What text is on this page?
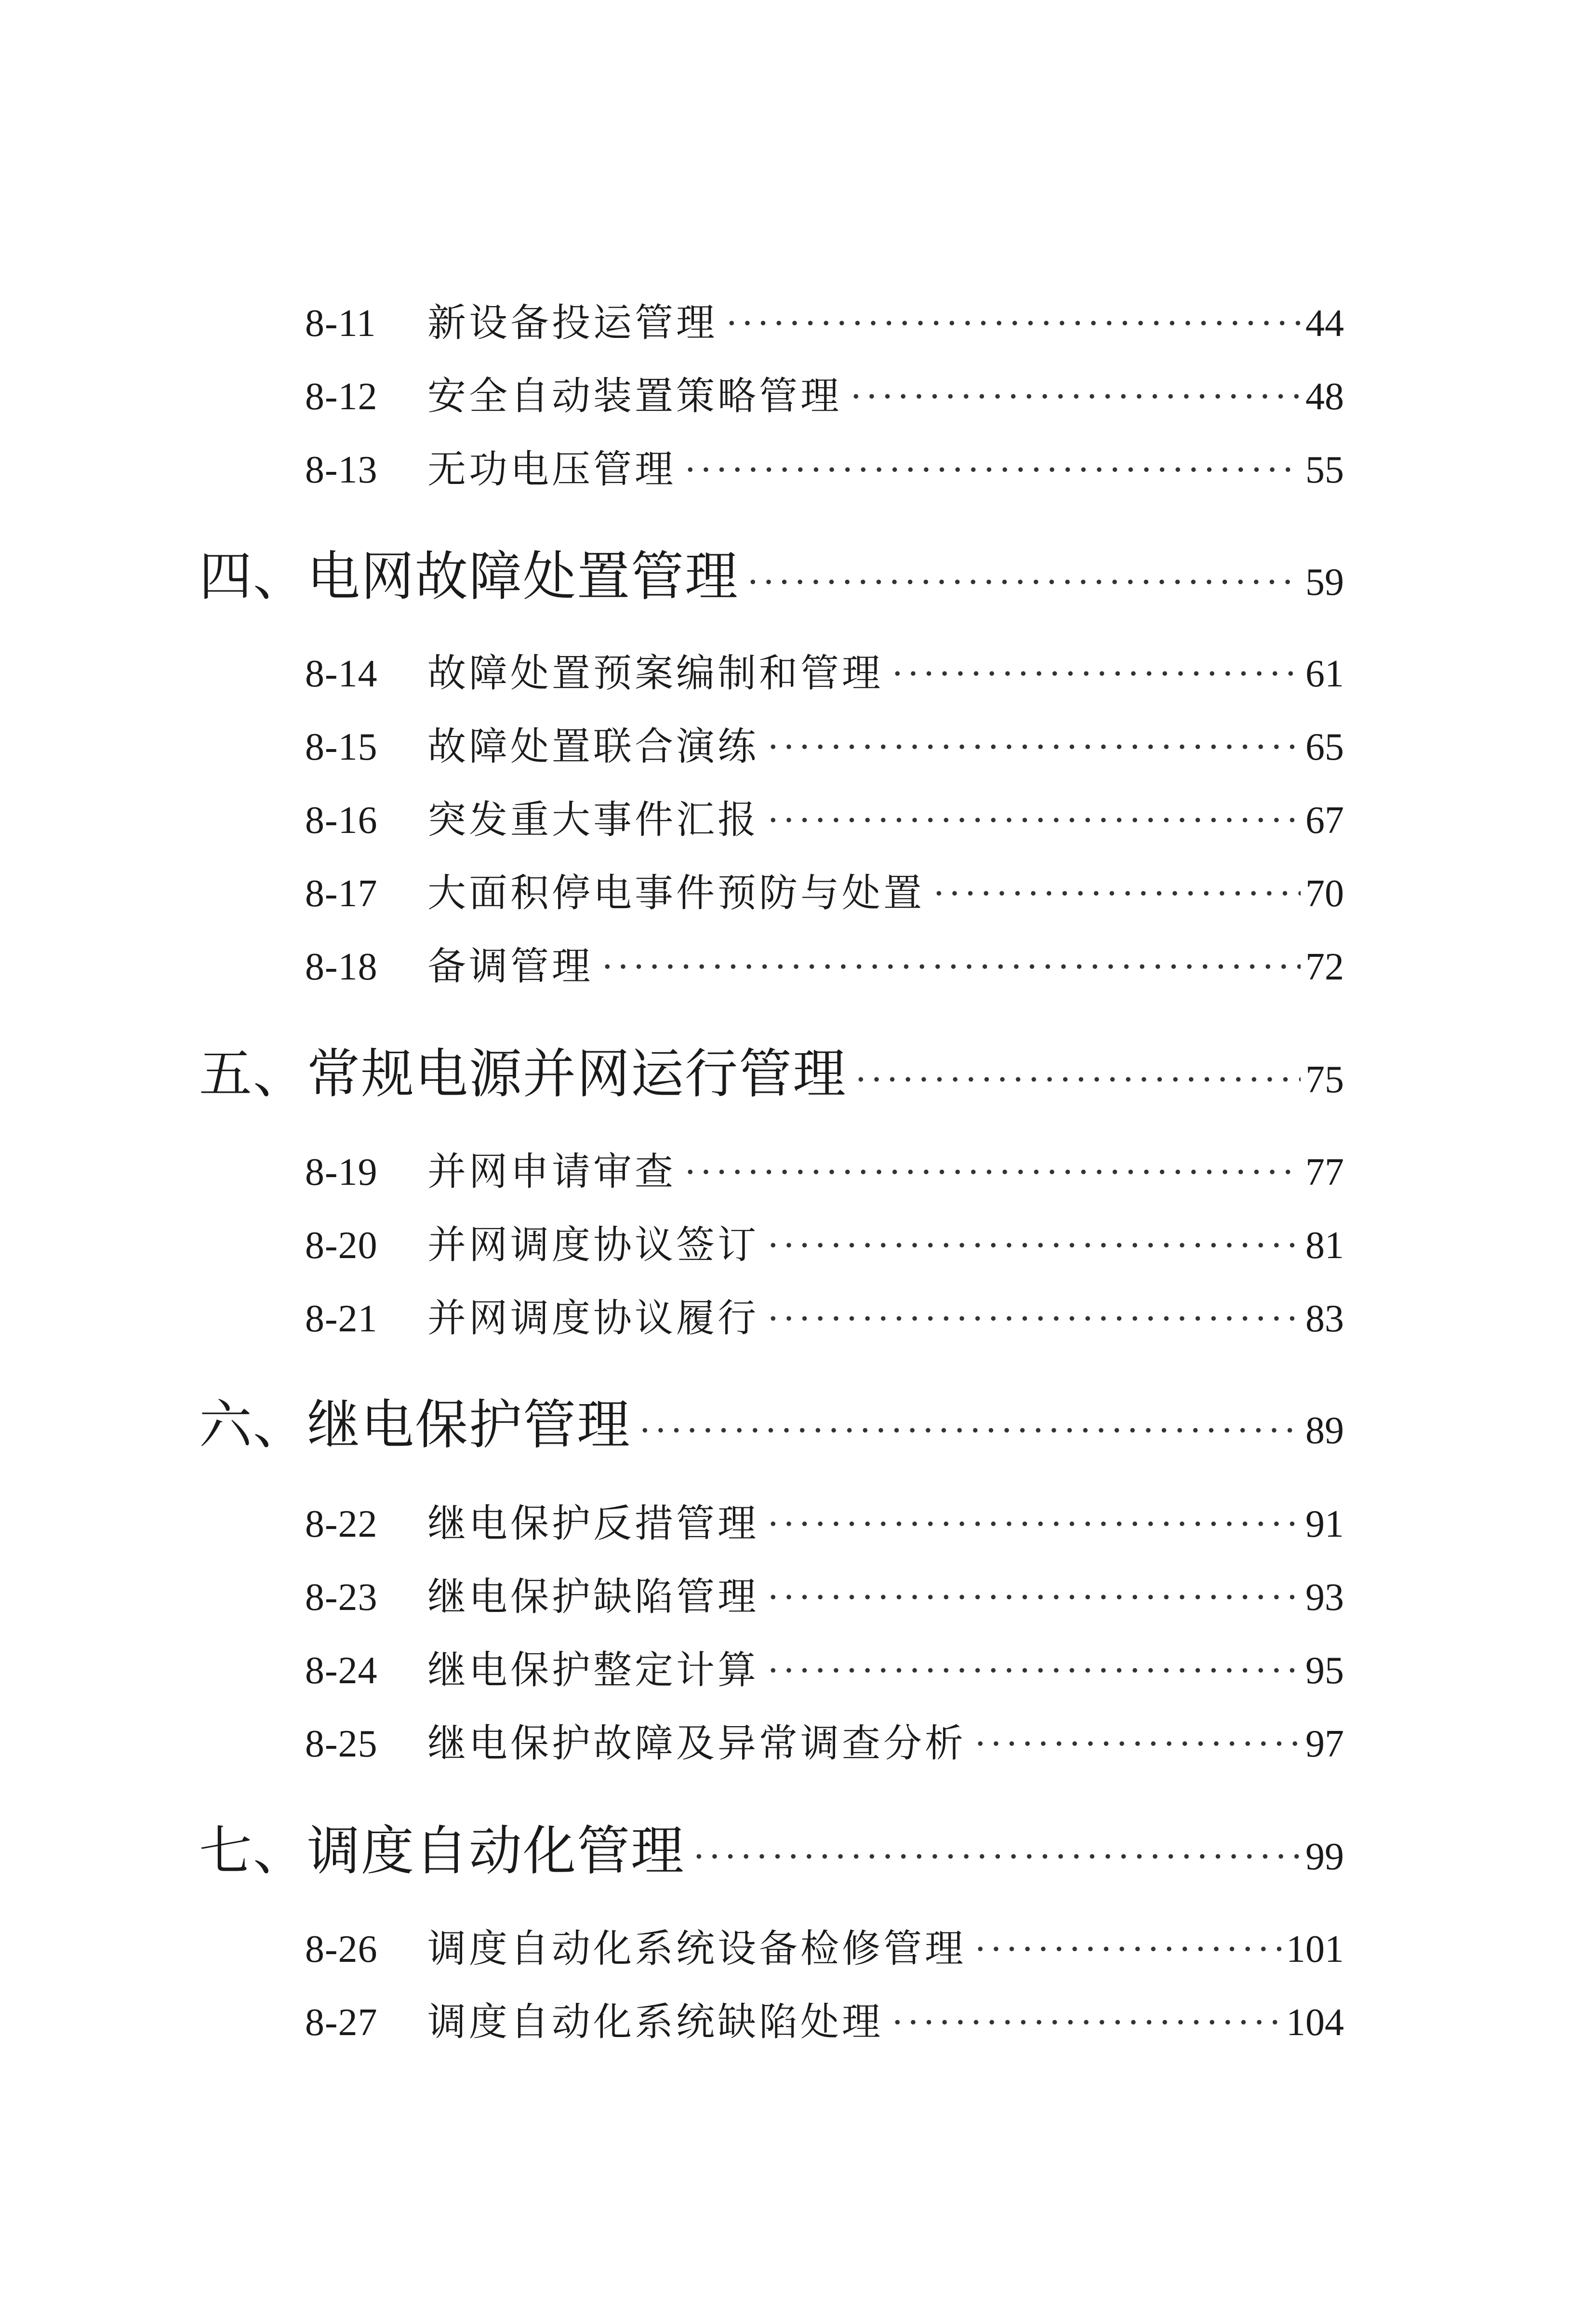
8-11	新设备投运管理 ·····	44
8-12	安全自动装置策略管理 ·····	48
8-13	无功电压管理 ·····	55
四、电网故障处置管理 ·····	59
8-14	故障处置预案编制和管理 ·····	61
8-15	故障处置联合演练 ·····	65
8-16	突发重大事件汇报 ·····	67
8-17	大面积停电事件预防与处置 ·····	70
8-18	备调管理 ·····	72
五、常规电源并网运行管理 ·····	75
8-19	并网申请审查 ·····	77
8-20	并网调度协议签订 ·····	81
8-21	并网调度协议履行 ·····	83
六、继电保护管理 ·····	89
8-22	继电保护反措管理 ·····	91
8-23	继电保护缺陷管理 ·····	93
8-24	继电保护整定计算 ·····	95
8-25	继电保护故障及异常调查分析 ·····	97
七、调度自动化管理 ·····	99
8-26	调度自动化系统设备检修管理 ·····	101
8-27	调度自动化系统缺陷处理 ·····	104
